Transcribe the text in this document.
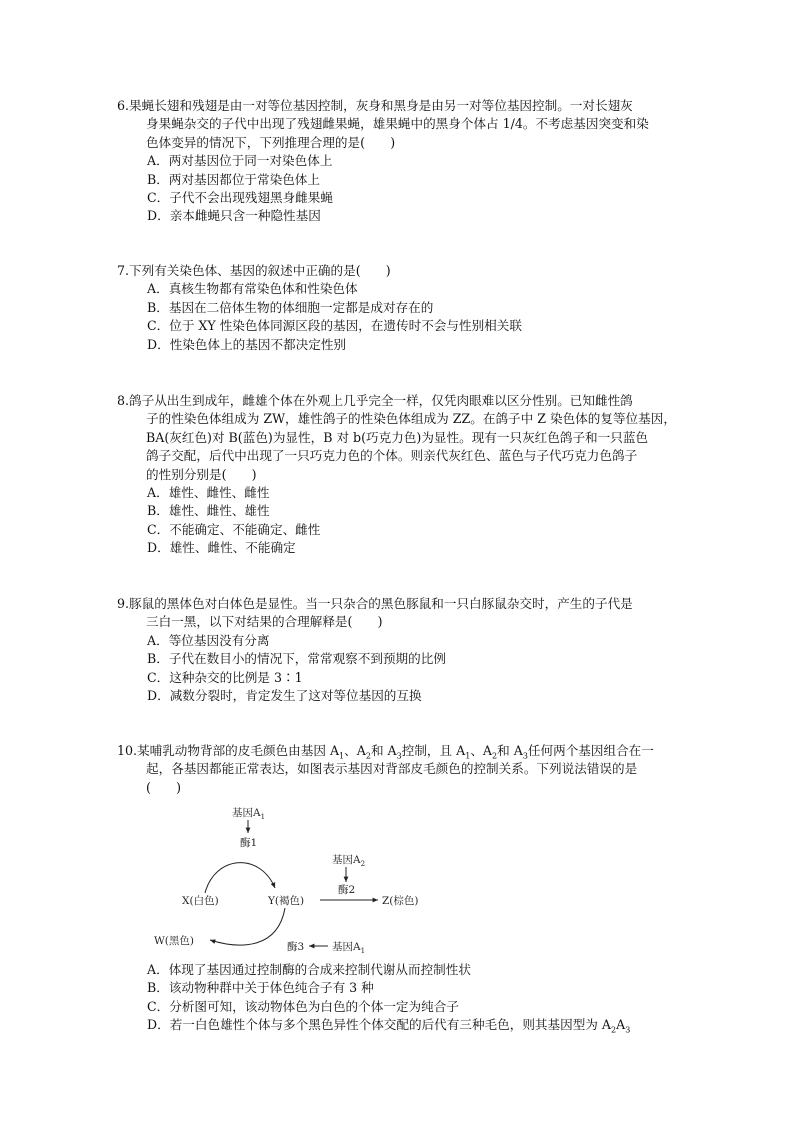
6.果蝇长翅和残翅是由一对等位基因控制，灰身和黑身是由另一对等位基因控制。一对长翅灰

身果蝇杂交的子代中出现了残翅雌果蝇，雄果蝇中的黑身个体占 1/4。不考虑基因突变和染

色体变异的情况下，下列推理合理的是(　　)

A．两对基因位于同一对染色体上

B．两对基因都位于常染色体上

C．子代不会出现残翅黑身雌果蝇

D．亲本雌蝇只含一种隐性基因

7.下列有关染色体、基因的叙述中正确的是(　　)

A．真核生物都有常染色体和性染色体

B．基因在二倍体生物的体细胞一定都是成对存在的

C．位于 XY 性染色体同源区段的基因，在遗传时不会与性别相关联

D．性染色体上的基因不都决定性别

8.鸽子从出生到成年，雌雄个体在外观上几乎完全一样，仅凭肉眼难以区分性别。已知雌性鸽

子的性染色体组成为 ZW，雄性鸽子的性染色体组成为 ZZ。在鸽子中 Z 染色体的复等位基因，

BA(灰红色)对 B(蓝色)为显性，B 对 b(巧克力色)为显性。现有一只灰红色鸽子和一只蓝色

鸽子交配，后代中出现了一只巧克力色的个体。则亲代灰红色、蓝色与子代巧克力色鸽子

的性别分别是(　　)

A．雄性、雌性、雌性

B．雄性、雌性、雄性

C．不能确定、不能确定、雌性

D．雄性、雌性、不能确定

9.豚鼠的黑体色对白体色是显性。当一只杂合的黑色豚鼠和一只白豚鼠杂交时，产生的子代是

三白一黑，以下对结果的合理解释是(　　)

A．等位基因没有分离

B．子代在数目小的情况下，常常观察不到预期的比例

C．这种杂交的比例是 3∶1

D．减数分裂时，肯定发生了这对等位基因的互换

10.某哺乳动物背部的皮毛颜色由基因 $A_1$、$A_2$和 $A_3$控制，且 $A_1$、$A_2$和 $A_3$任何两个基因组合在一

起，各基因都能正常表达，如图表示基因对背部皮毛颜色的控制关系。下列说法错误的是

(　　)

基因$A_1$
酶1
基因$A_2$
酶2
X(白色)	Y(褐色)	Z(棕色)
W(黑色)	酶3	基因$A_1$

A．体现了基因通过控制酶的合成来控制代谢从而控制性状

B．该动物种群中关于体色纯合子有 3 种

C．分析图可知，该动物体色为白色的个体一定为纯合子

D．若一白色雄性个体与多个黑色异性个体交配的后代有三种毛色，则其基因型为 $A_2A_3$
